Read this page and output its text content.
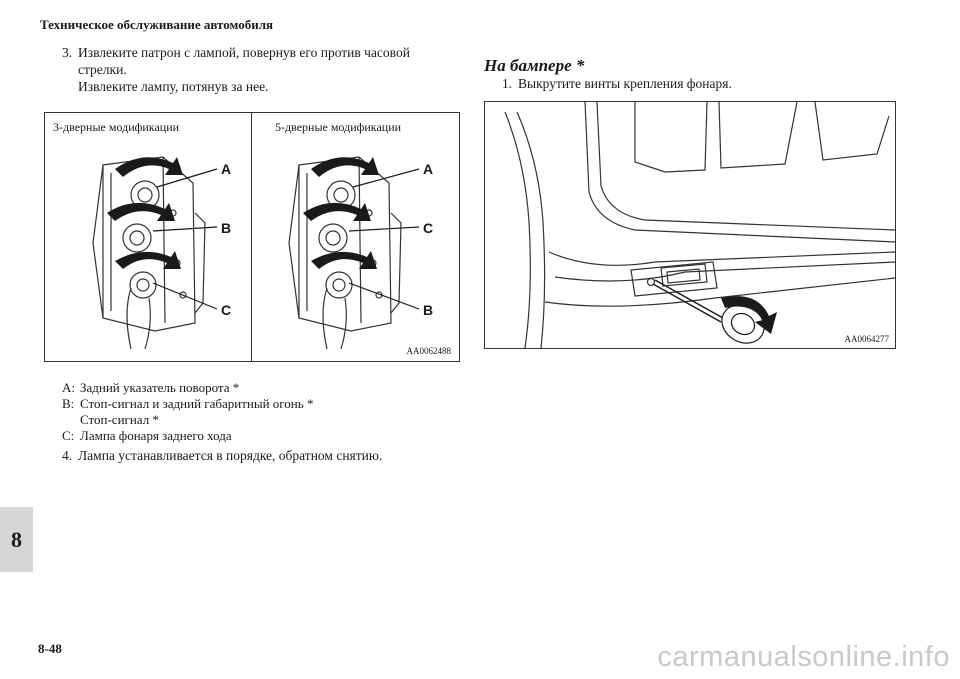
Техническое обслуживание автомобиля
3. Извлеките патрон с лампой, повернув его против часовой
стрелки.
Извлеките лампу, потянув за нее.
3-дверные модификации	5-дверные модификации
A
B
C
A
C
B
AA0062488
A: Задний указатель поворота *
B: Стоп-сигнал и задний габаритный огонь *
Стоп-сигнал *
C: Лампа фонаря заднего хода
4. Лампа устанавливается в порядке, обратном снятию.
На бампере *
1. Выкрутите винты крепления фонаря.
AA0064277
8
8-48	carmanualsonline.info
